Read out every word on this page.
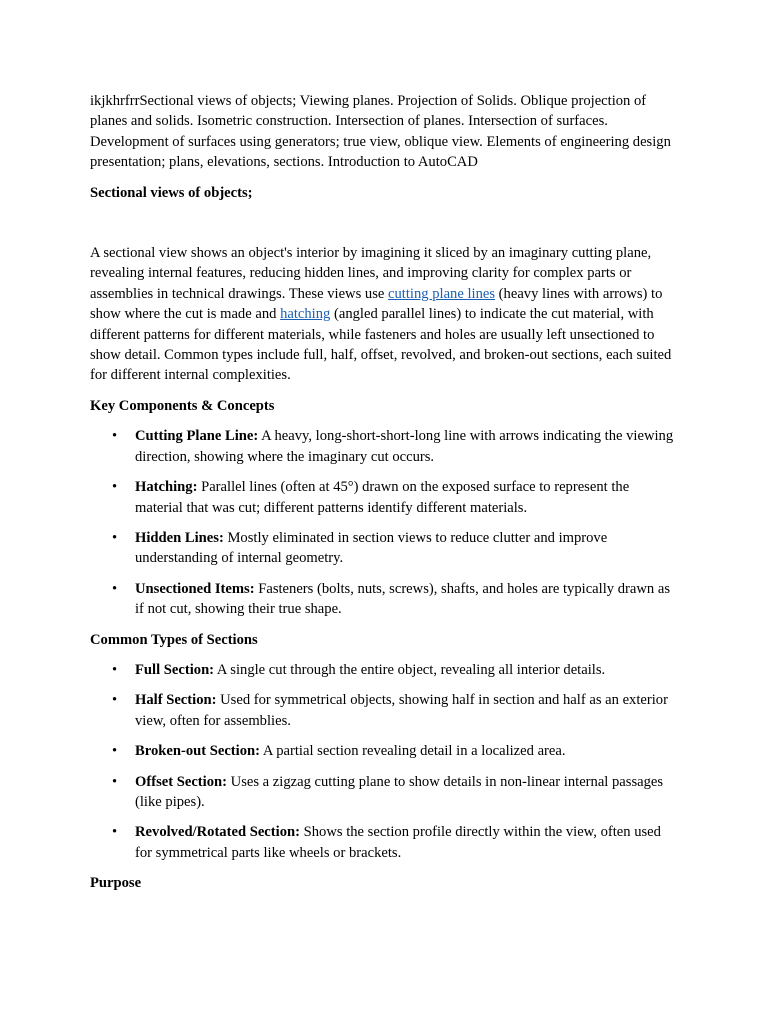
ikjkhrfrrSectional views of objects; Viewing planes. Projection of Solids. Oblique projection of planes and solids. Isometric construction. Intersection of planes. Intersection of surfaces. Development of surfaces using generators; true view, oblique view. Elements of engineering design presentation; plans, elevations, sections. Introduction to AutoCAD

Sectional views of objects;

A sectional view shows an object's interior by imagining it sliced by an imaginary cutting plane, revealing internal features, reducing hidden lines, and improving clarity for complex parts or assemblies in technical drawings. These views use cutting plane lines (heavy lines with arrows) to show where the cut is made and hatching (angled parallel lines) to indicate the cut material, with different patterns for different materials, while fasteners and holes are usually left unsectioned to show detail. Common types include full, half, offset, revolved, and broken-out sections, each suited for different internal complexities.

Key Components & Concepts

• Cutting Plane Line: A heavy, long-short-short-long line with arrows indicating the viewing direction, showing where the imaginary cut occurs.
• Hatching: Parallel lines (often at 45°) drawn on the exposed surface to represent the material that was cut; different patterns identify different materials.
• Hidden Lines: Mostly eliminated in section views to reduce clutter and improve understanding of internal geometry.
• Unsectioned Items: Fasteners (bolts, nuts, screws), shafts, and holes are typically drawn as if not cut, showing their true shape.

Common Types of Sections

• Full Section: A single cut through the entire object, revealing all interior details.
• Half Section: Used for symmetrical objects, showing half in section and half as an exterior view, often for assemblies.
• Broken-out Section: A partial section revealing detail in a localized area.
• Offset Section: Uses a zigzag cutting plane to show details in non-linear internal passages (like pipes).
• Revolved/Rotated Section: Shows the section profile directly within the view, often used for symmetrical parts like wheels or brackets.

Purpose
